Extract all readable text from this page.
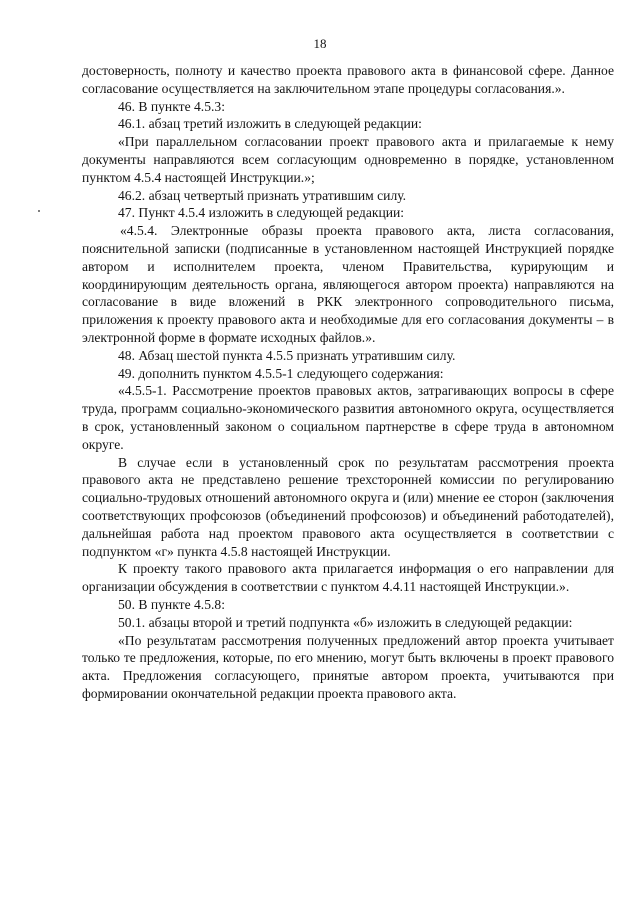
18

достоверность, полноту и качество проекта правового акта в финансовой сфере. Данное согласование осуществляется на заключительном этапе процедуры согласования.».

46. В пункте 4.5.3:

46.1. абзац третий изложить в следующей редакции:

«При параллельном согласовании проект правового акта и прилагаемые к нему документы направляются всем согласующим одновременно в порядке, установленном пунктом 4.5.4 настоящей Инструкции.»;

46.2. абзац четвертый признать утратившим силу.

47. Пункт 4.5.4 изложить в следующей редакции:

«4.5.4. Электронные образы проекта правового акта, листа согласования, пояснительной записки (подписанные в установленном настоящей Инструкцией порядке автором и исполнителем проекта, членом Правительства, курирующим и координирующим деятельность органа, являющегося автором проекта) направляются на согласование в виде вложений в РКК электронного сопроводительного письма, приложения к проекту правового акта и необходимые для его согласования документы – в электронной форме в формате исходных файлов.».

48. Абзац шестой пункта 4.5.5 признать утратившим силу.

49. дополнить пунктом 4.5.5-1 следующего содержания:

«4.5.5-1. Рассмотрение проектов правовых актов, затрагивающих вопросы в сфере труда, программ социально-экономического развития автономного округа, осуществляется в срок, установленный законом о социальном партнерстве в сфере труда в автономном округе.

В случае если в установленный срок по результатам рассмотрения проекта правового акта не представлено решение трехсторонней комиссии по регулированию социально-трудовых отношений автономного округа и (или) мнение ее сторон (заключения соответствующих профсоюзов (объединений профсоюзов) и объединений работодателей), дальнейшая работа над проектом правового акта осуществляется в соответствии с подпунктом «г» пункта 4.5.8 настоящей Инструкции.

К проекту такого правового акта прилагается информация о его направлении для организации обсуждения в соответствии с пунктом 4.4.11 настоящей Инструкции.».

50. В пункте 4.5.8:

50.1. абзацы второй и третий подпункта «б» изложить в следующей редакции:

«По результатам рассмотрения полученных предложений автор проекта учитывает только те предложения, которые, по его мнению, могут быть включены в проект правового акта. Предложения согласующего, принятые автором проекта, учитываются при формировании окончательной редакции проекта правового акта.
